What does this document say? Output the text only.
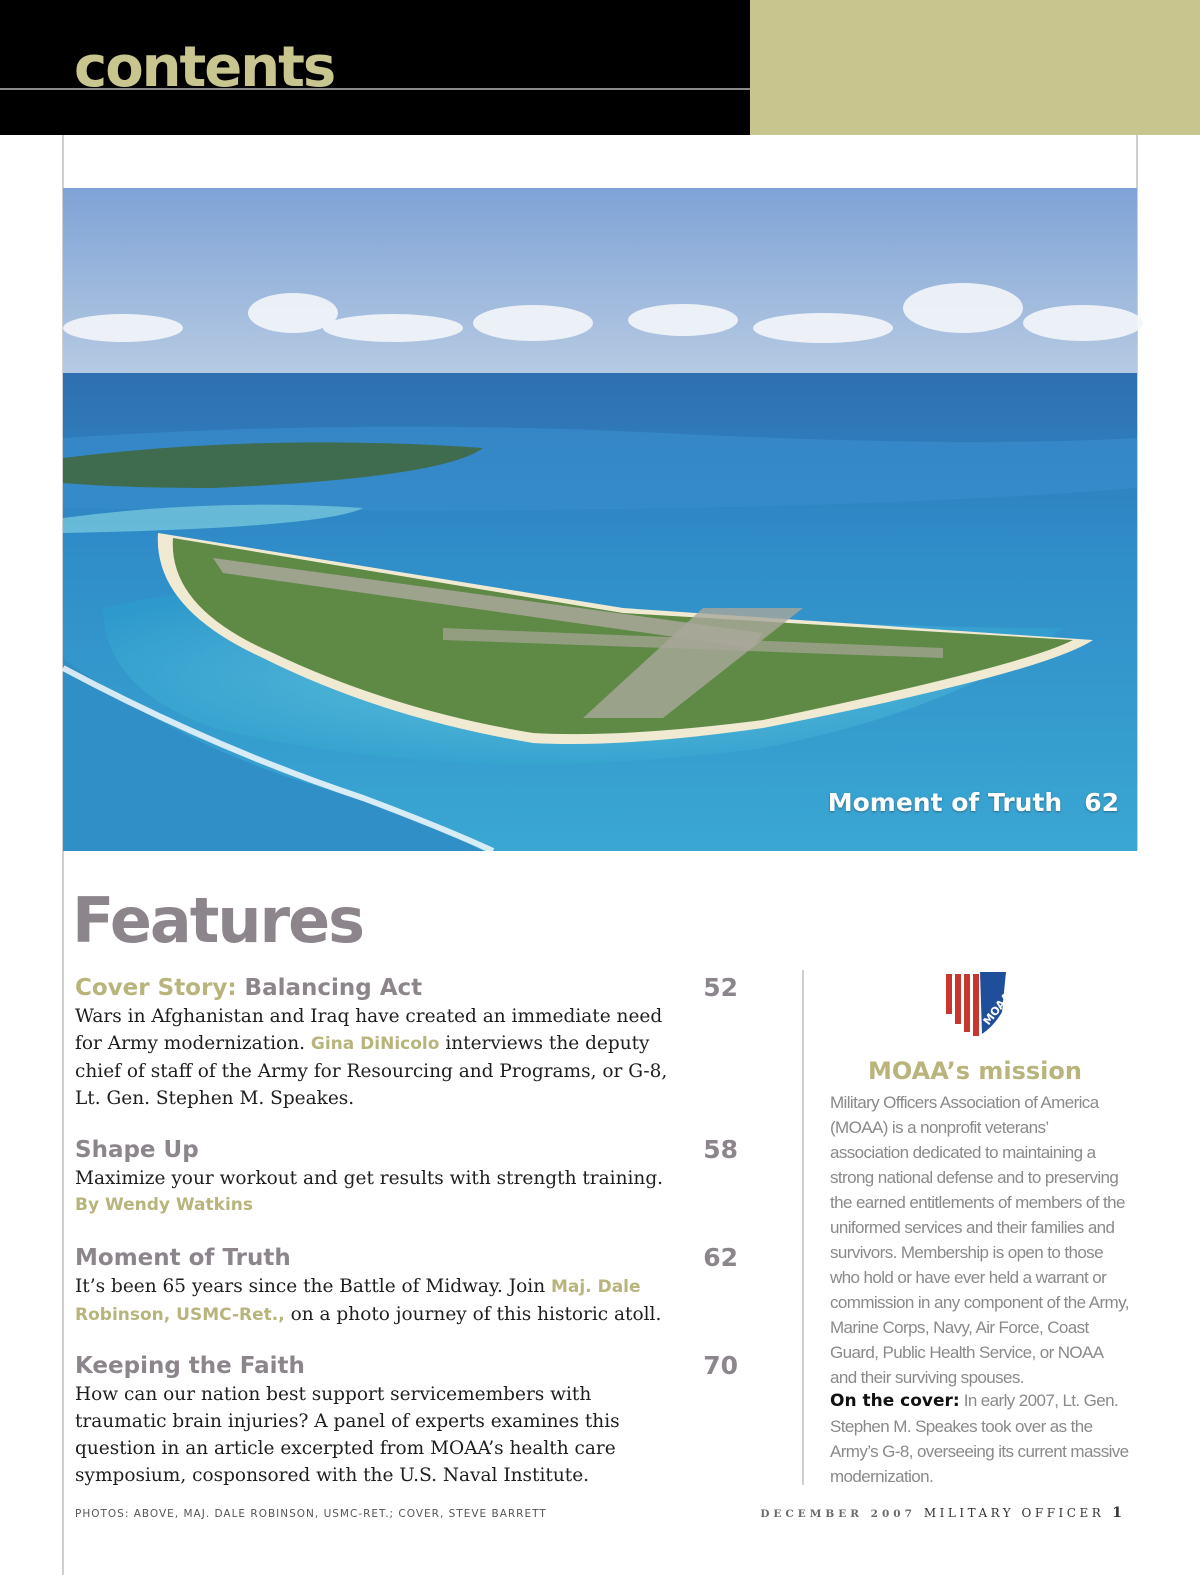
contents
Moment of Truth 62
Features
Cover Story: Balancing Act	52
Wars in Afghanistan and Iraq have created an immediate need for Army modernization. Gina DiNicolo interviews the deputy chief of staff of the Army for Resourcing and Programs, or G-8, Lt. Gen. Stephen M. Speakes.
Shape Up	58
Maximize your workout and get results with strength training.
By Wendy Watkins
Moment of Truth	62
It’s been 65 years since the Battle of Midway. Join Maj. Dale Robinson, USMC-Ret., on a photo journey of this historic atoll.
Keeping the Faith	70
How can our nation best support servicemembers with traumatic brain injuries? A panel of experts examines this question in an article excerpted from MOAA’s health care symposium, cosponsored with the U.S. Naval Institute.
MOAA
MOAA’s mission
Military Officers Association of America (MOAA) is a nonprofit veterans’ association dedicated to maintaining a strong national defense and to preserving the earned entitlements of members of the uniformed services and their families and survivors. Membership is open to those who hold or have ever held a warrant or commission in any component of the Army, Marine Corps, Navy, Air Force, Coast Guard, Public Health Service, or NOAA and their surviving spouses.
On the cover: In early 2007, Lt. Gen. Stephen M. Speakes took over as the Army’s G-8, overseeing its current massive modernization.
PHOTOS: ABOVE, MAJ. DALE ROBINSON, USMC-RET.; COVER, STEVE BARRETT	DECEMBER 2007 MILITARY OFFICER 1
